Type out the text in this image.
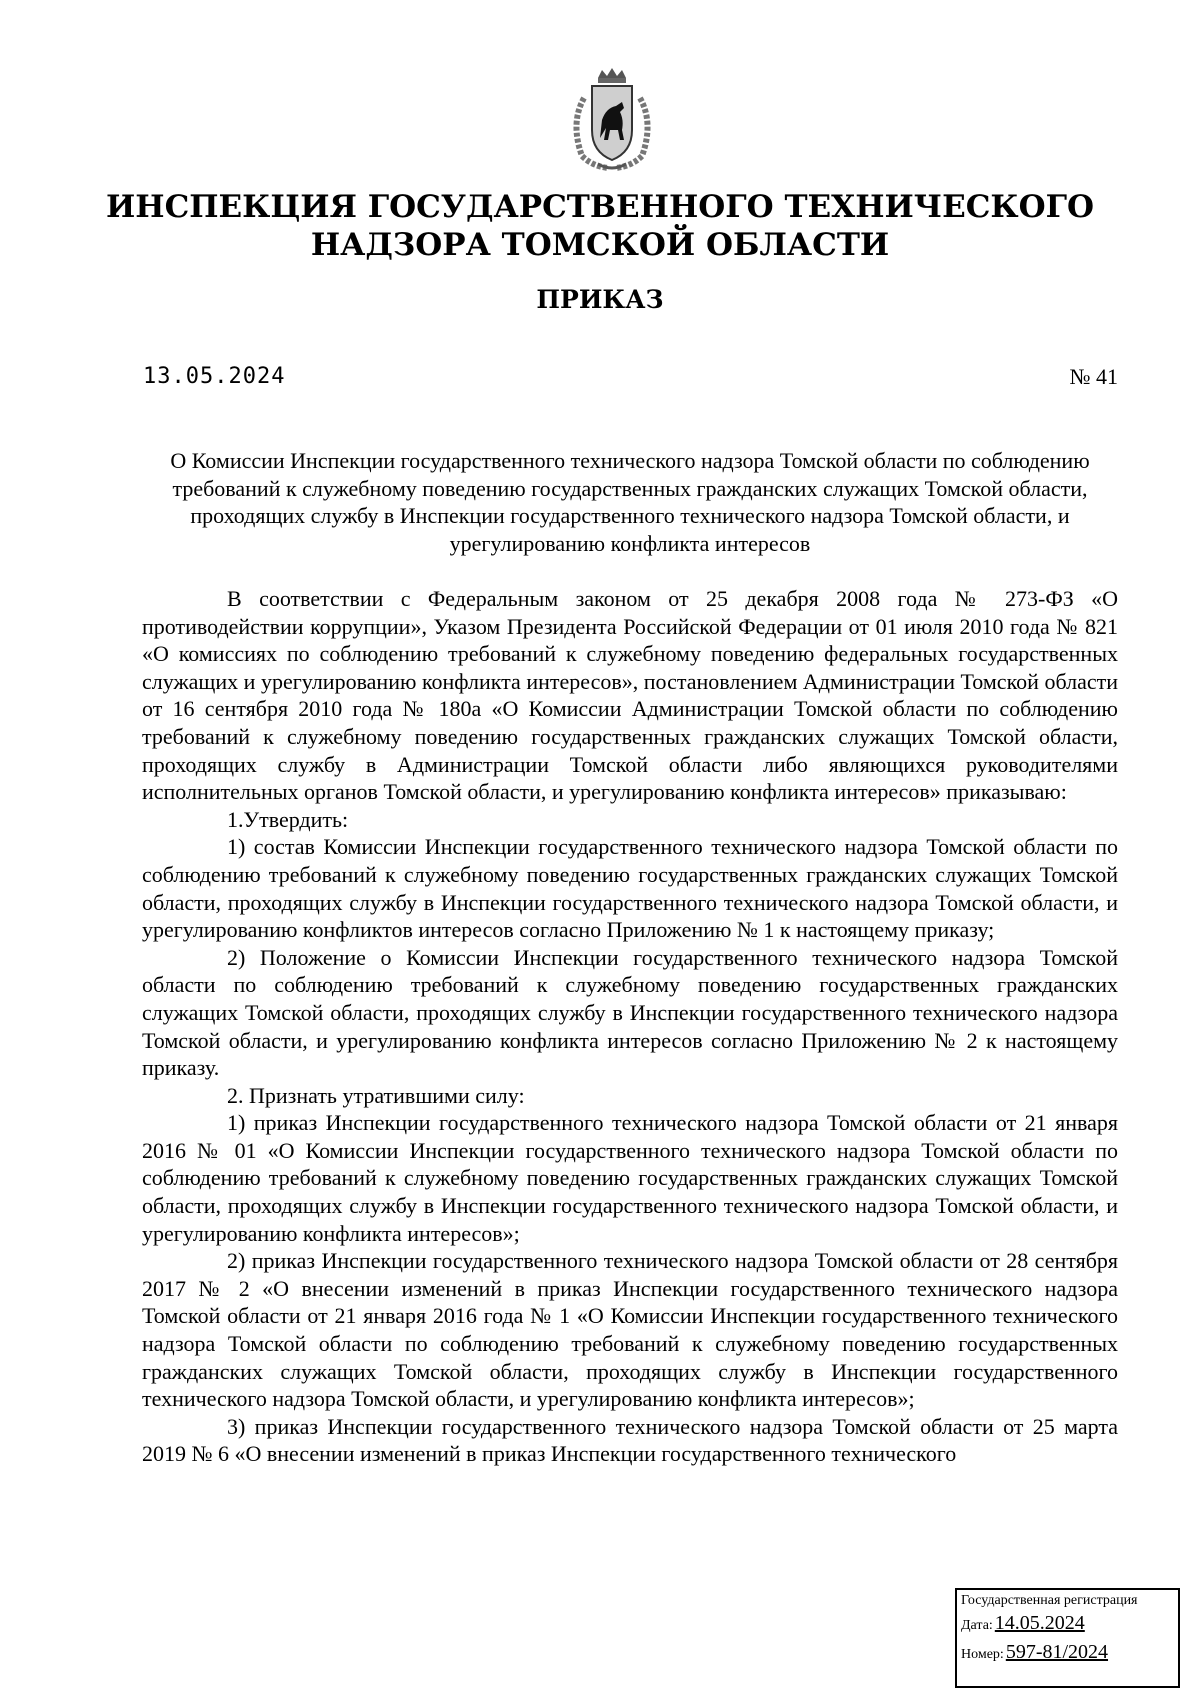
ИНСПЕКЦИЯ ГОСУДАРСТВЕННОГО ТЕХНИЧЕСКОГО
НАДЗОРА ТОМСКОЙ ОБЛАСТИ
ПРИКАЗ
13.05.2024	№ 41
О Комиссии Инспекции государственного технического надзора Томской области по соблюдению требований к служебному поведению государственных гражданских служащих Томской области, проходящих службу в Инспекции государственного технического надзора Томской области, и урегулированию конфликта интересов

В соответствии с Федеральным законом от 25 декабря 2008 года № 273-ФЗ «О противодействии коррупции», Указом Президента Российской Федерации от 01 июля 2010 года № 821 «О комиссиях по соблюдению требований к служебному поведению федеральных государственных служащих и урегулированию конфликта интересов», постановлением Администрации Томской области от 16 сентября 2010 года № 180а «О Комиссии Администрации Томской области по соблюдению требований к служебному поведению государственных гражданских служащих Томской области, проходящих службу в Администрации Томской области либо являющихся руководителями исполнительных органов Томской области, и урегулированию конфликта интересов» приказываю:

1.Утвердить:

1) состав Комиссии Инспекции государственного технического надзора Томской области по соблюдению требований к служебному поведению государственных гражданских служащих Томской области, проходящих службу в Инспекции государственного технического надзора Томской области, и урегулированию конфликтов интересов согласно Приложению № 1 к настоящему приказу;

2) Положение о Комиссии Инспекции государственного технического надзора Томской области по соблюдению требований к служебному поведению государственных гражданских служащих Томской области, проходящих службу в Инспекции государственного технического надзора Томской области, и урегулированию конфликта интересов согласно Приложению № 2 к настоящему приказу.

2. Признать утратившими силу:

1) приказ Инспекции государственного технического надзора Томской области от 21 января 2016 № 01 «О Комиссии Инспекции государственного технического надзора Томской области по соблюдению требований к служебному поведению государственных гражданских служащих Томской области, проходящих службу в Инспекции государственного технического надзора Томской области, и урегулированию конфликта интересов»;

2) приказ Инспекции государственного технического надзора Томской области от 28 сентября 2017 № 2 «О внесении изменений в приказ Инспекции государственного технического надзора Томской области от 21 января 2016 года № 1 «О Комиссии Инспекции государственного технического надзора Томской области по соблюдению требований к служебному поведению государственных гражданских служащих Томской области, проходящих службу в Инспекции государственного технического надзора Томской области, и урегулированию конфликта интересов»;

3) приказ Инспекции государственного технического надзора Томской области от 25 марта 2019 № 6 «О внесении изменений в приказ Инспекции государственного технического

Государственная регистрация
Дата: 14.05.2024
Номер: 597-81/2024
